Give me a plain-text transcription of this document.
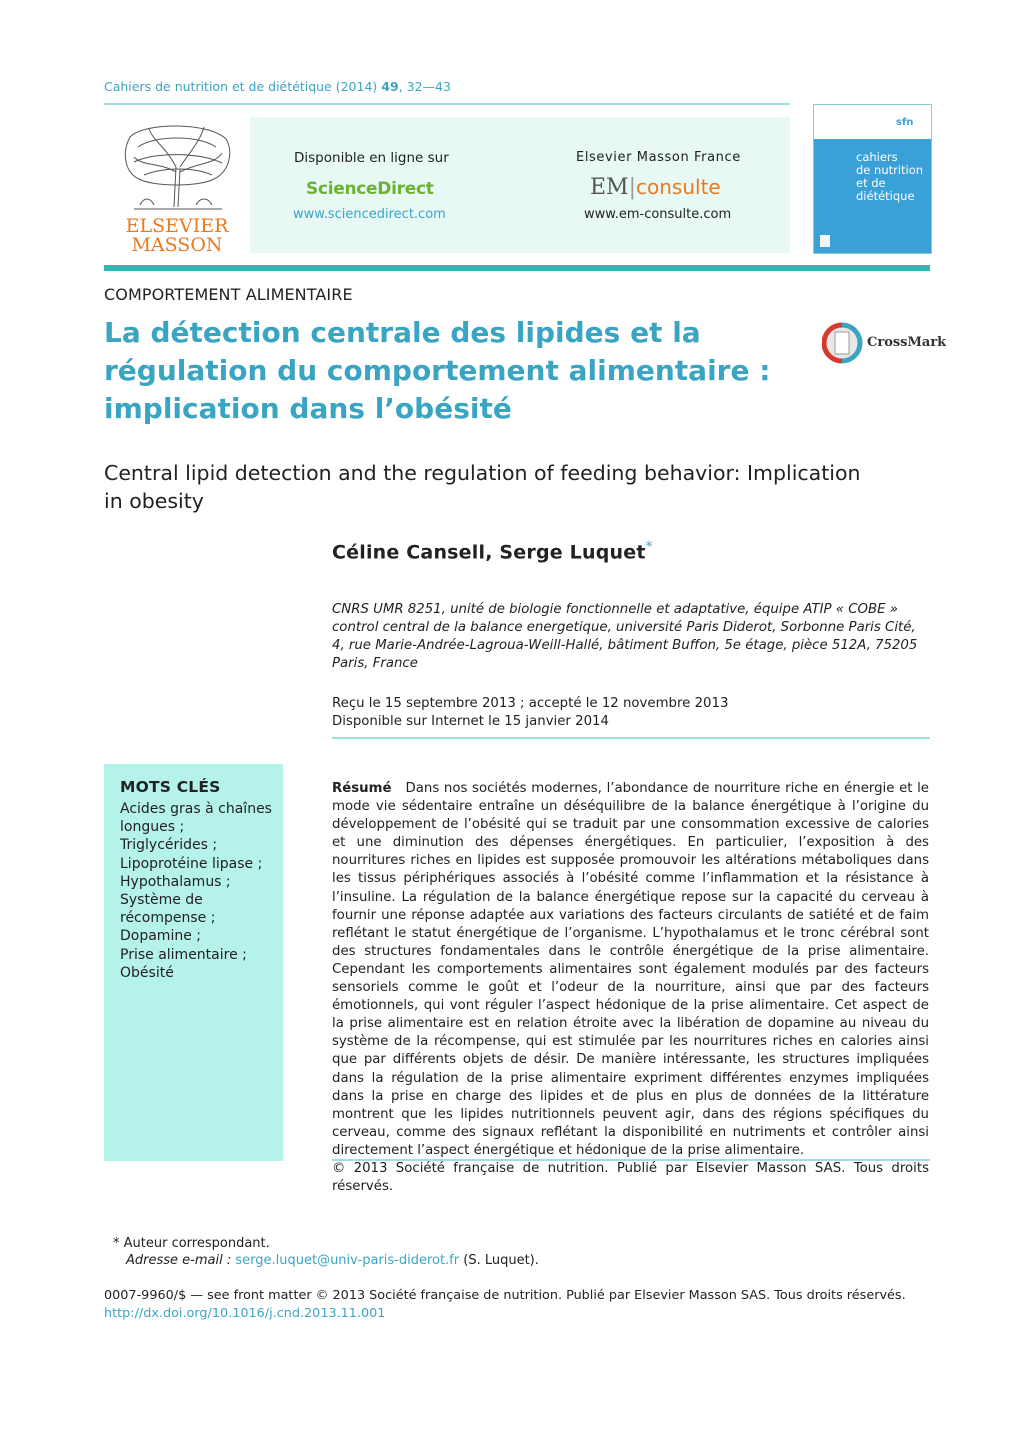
Cahiers de nutrition et de diététique (2014) 49, 32—43
ELSEVIER
MASSON
Disponible en ligne sur
ScienceDirect
www.sciencedirect.com
Elsevier Masson France
EM|consulte
www.em-consulte.com
sfn
cahiers
de nutrition
et de diététique
COMPORTEMENT ALIMENTAIRE
La détection centrale des lipides et la régulation du comportement alimentaire : implication dans l’obésité
CrossMark
Central lipid detection and the regulation of feeding behavior: Implication in obesity
Céline Cansell, Serge Luquet*
CNRS UMR 8251, unité de biologie fonctionnelle et adaptative, équipe ATIP « COBE » control central de la balance energetique, université Paris Diderot, Sorbonne Paris Cité, 4, rue Marie-Andrée-Lagroua-Weill-Hallé, bâtiment Buffon, 5e étage, pièce 512A, 75205 Paris, France
Reçu le 15 septembre 2013 ; accepté le 12 novembre 2013
Disponible sur Internet le 15 janvier 2014
MOTS CLÉS
Acides gras à chaînes longues ;
Triglycérides ;
Lipoprotéine lipase ;
Hypothalamus ;
Système de récompense ;
Dopamine ;
Prise alimentaire ;
Obésité
Résumé Dans nos sociétés modernes, l’abondance de nourriture riche en énergie et le mode vie sédentaire entraîne un déséquilibre de la balance énergétique à l’origine du développement de l’obésité qui se traduit par une consommation excessive de calories et une diminution des dépenses énergétiques. En particulier, l’exposition à des nourritures riches en lipides est supposée promouvoir les altérations métaboliques dans les tissus périphériques associés à l’obésité comme l’inflammation et la résistance à l’insuline. La régulation de la balance énergétique repose sur la capacité du cerveau à fournir une réponse adaptée aux variations des facteurs circulants de satiété et de faim reflétant le statut énergétique de l’organisme. L’hypothalamus et le tronc cérébral sont des structures fondamentales dans le contrôle énergétique de la prise alimentaire. Cependant les comportements alimentaires sont également modulés par des facteurs sensoriels comme le goût et l’odeur de la nourriture, ainsi que par des facteurs émotionnels, qui vont réguler l’aspect hédonique de la prise alimentaire. Cet aspect de la prise alimentaire est en relation étroite avec la libération de dopamine au niveau du système de la récompense, qui est stimulée par les nourritures riches en calories ainsi que par différents objets de désir. De manière intéressante, les structures impliquées dans la régulation de la prise alimentaire expriment différentes enzymes impliquées dans la prise en charge des lipides et de plus en plus de données de la littérature montrent que les lipides nutritionnels peuvent agir, dans des régions spécifiques du cerveau, comme des signaux reflétant la disponibilité en nutriments et contrôler ainsi directement l’aspect énergétique et hédonique de la prise alimentaire.
© 2013 Société française de nutrition. Publié par Elsevier Masson SAS. Tous droits réservés.
* Auteur correspondant.
Adresse e-mail : serge.luquet@univ-paris-diderot.fr (S. Luquet).
0007-9960/$ — see front matter © 2013 Société française de nutrition. Publié par Elsevier Masson SAS. Tous droits réservés.
http://dx.doi.org/10.1016/j.cnd.2013.11.001
